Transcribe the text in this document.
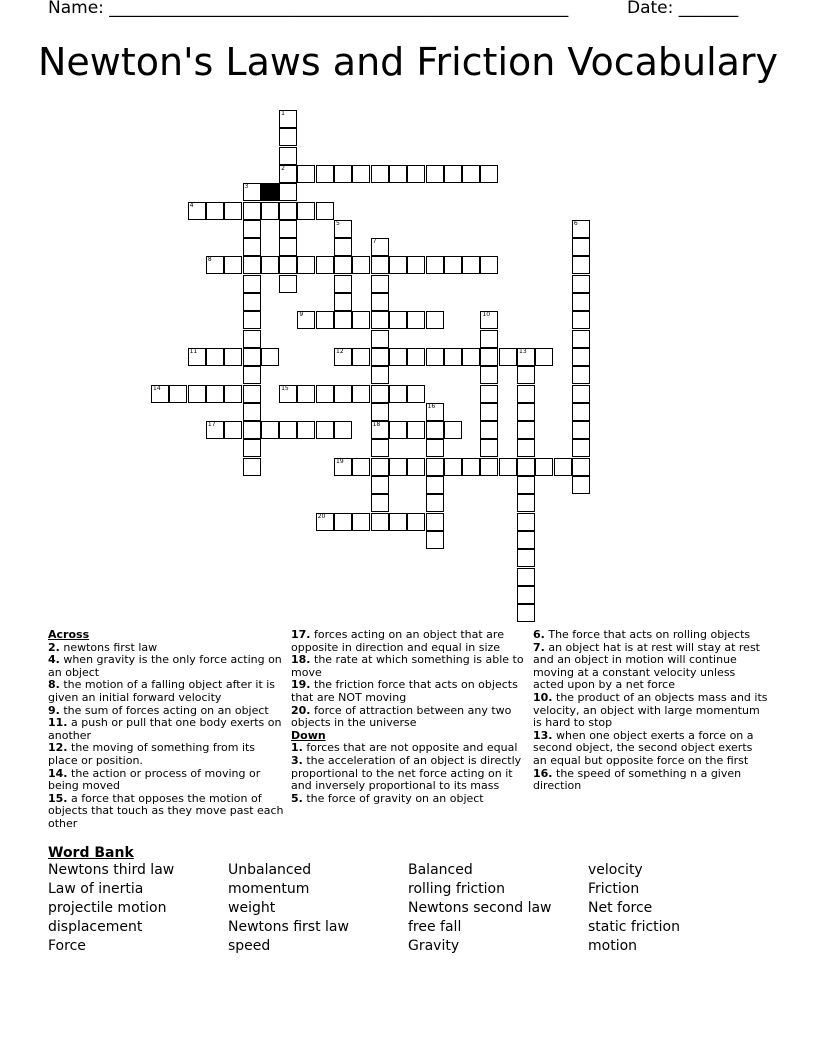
Name: ______________________________________________________	Date: _______
Newton's Laws and Friction Vocabulary
1
2
3
4
5	6
7
18
8
9	10
11	12	13
14	15
16
17
19
20
Across
2. newtons first law
4. when gravity is the only force acting on an object
8. the motion of a falling object after it is given an initial forward velocity
9. the sum of forces acting on an object
11. a push or pull that one body exerts on another
12. the moving of something from its place or position.
14. the action or process of moving or being moved
15. a force that opposes the motion of objects that touch as they move past each other
17. forces acting on an object that are opposite in direction and equal in size
18. the rate at which something is able to move
19. the friction force that acts on objects that are NOT moving
20. force of attraction between any two objects in the universe
Down
1. forces that are not opposite and equal
3. the acceleration of an object is directly proportional to the net force acting on it and inversely proportional to its mass
5. the force of gravity on an object
6. The force that acts on rolling objects
7. an object hat is at rest will stay at rest and an object in motion will continue moving at a constant velocity unless acted upon by a net force
10. the product of an objects mass and its velocity, an object with large momentum is hard to stop
13. when one object exerts a force on a second object, the second object exerts an equal but opposite force on the first
16. the speed of something n a given direction
Word Bank
Newtons third law	Unbalanced	Balanced	velocity
Law of inertia	momentum	rolling friction	Friction
projectile motion	weight	Newtons second law	Net force
displacement	Newtons first law	free fall	static friction
Force	speed	Gravity	motion
